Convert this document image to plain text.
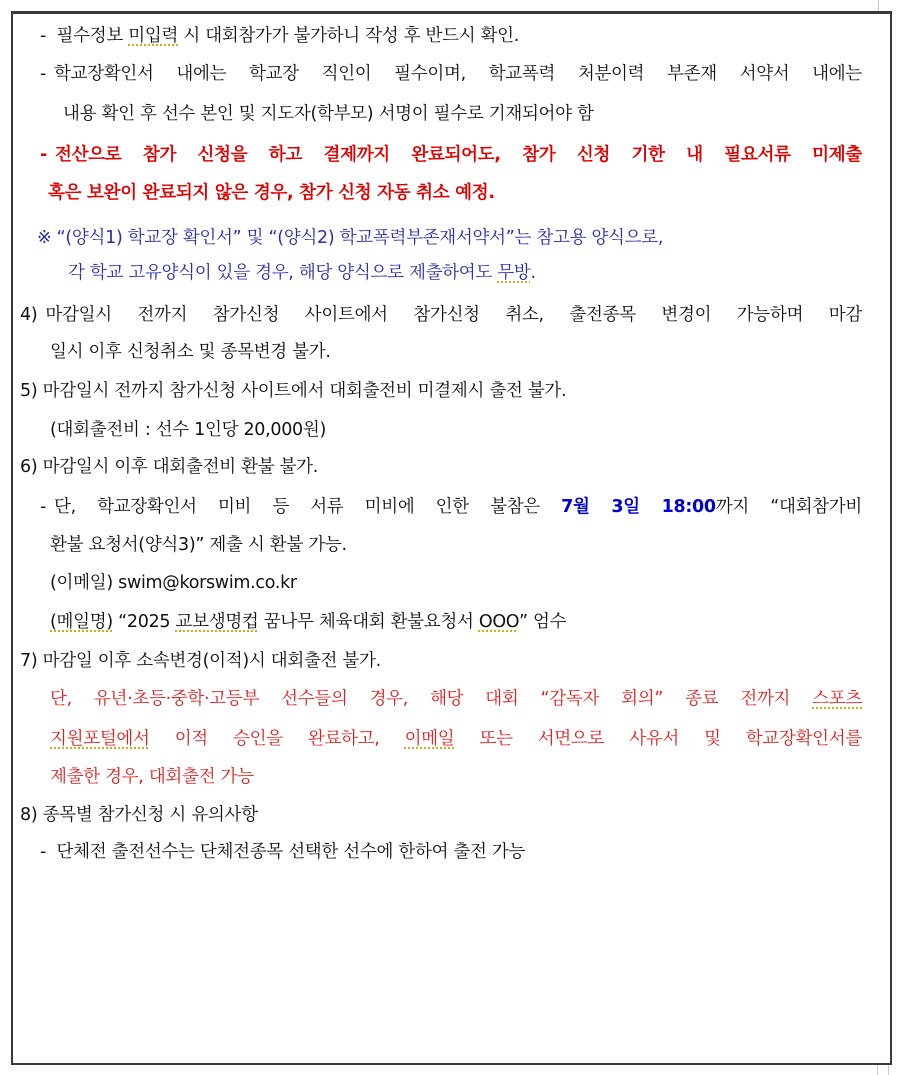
- 필수정보 미입력 시 대회참가가 불가하니 작성 후 반드시 확인.
- 학교장확인서 내에는 학교장 직인이 필수이며, 학교폭력 처분이력 부존재 서약서 내에는
내용 확인 후 선수 본인 및 지도자(학부모) 서명이 필수로 기재되어야 함
- 전산으로 참가 신청을 하고 결제까지 완료되어도, 참가 신청 기한 내 필요서류 미제출
혹은 보완이 완료되지 않은 경우, 참가 신청 자동 취소 예정.
※ “(양식1) 학교장 확인서” 및 “(양식2) 학교폭력부존재서약서”는 참고용 양식으로,
각 학교 고유양식이 있을 경우, 해당 양식으로 제출하여도 무방.
4) 마감일시 전까지 참가신청 사이트에서 참가신청 취소, 출전종목 변경이 가능하며 마감
일시 이후 신청취소 및 종목변경 불가.
5) 마감일시 전까지 참가신청 사이트에서 대회출전비 미결제시 출전 불가.
(대회출전비 : 선수 1인당 20,000원)
6) 마감일시 이후 대회출전비 환불 불가.
- 단, 학교장확인서 미비 등 서류 미비에 인한 불참은 7월 3일 18:00까지 “대회참가비
환불 요청서(양식3)” 제출 시 환불 가능.
(이메일) swim@korswim.co.kr
(메일명) “2025 교보생명컵 꿈나무 체육대회 환불요청서 OOO” 엄수
7) 마감일 이후 소속변경(이적)시 대회출전 불가.
단, 유년·초등·중학·고등부 선수들의 경우, 해당 대회 “감독자 회의” 종료 전까지 스포츠
지원포털에서 이적 승인을 완료하고, 이메일 또는 서면으로 사유서 및 학교장확인서를
제출한 경우, 대회출전 가능
8) 종목별 참가신청 시 유의사항
- 단체전 출전선수는 단체전종목 선택한 선수에 한하여 출전 가능
